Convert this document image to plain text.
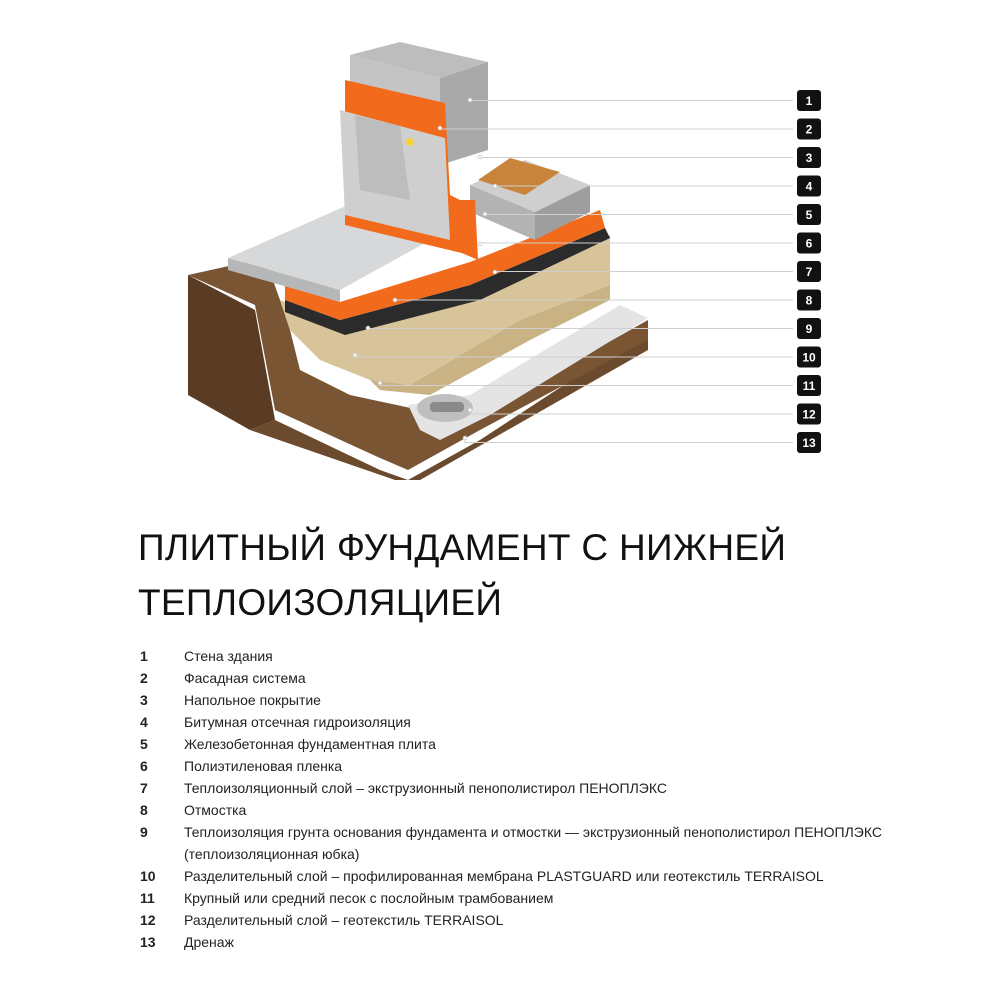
1
2
3
4
5
6
7
8
9
10
11
12
13
ПЛИТНЫЙ ФУНДАМЕНТ С НИЖНЕЙ
ТЕПЛОИЗОЛЯЦИЕЙ
1	Стена здания
2	Фасадная система
3	Напольное покрытие
4	Битумная отсечная гидроизоляция
5	Железобетонная фундаментная плита
6	Полиэтиленовая пленка
7	Теплоизоляционный слой – экструзионный пенополистирол ПЕНОПЛЭКС
8	Отмостка
9	Теплоизоляция грунта основания фундамента и отмостки — экструзионный пенополистирол ПЕНОПЛЭКС (теплоизоляционная юбка)
10	Разделительный слой – профилированная мембрана PLASTGUARD или геотекстиль TERRAISOL
11	Крупный или средний песок с послойным трамбованием
12	Разделительный слой – геотекстиль TERRAISOL
13	Дренаж
